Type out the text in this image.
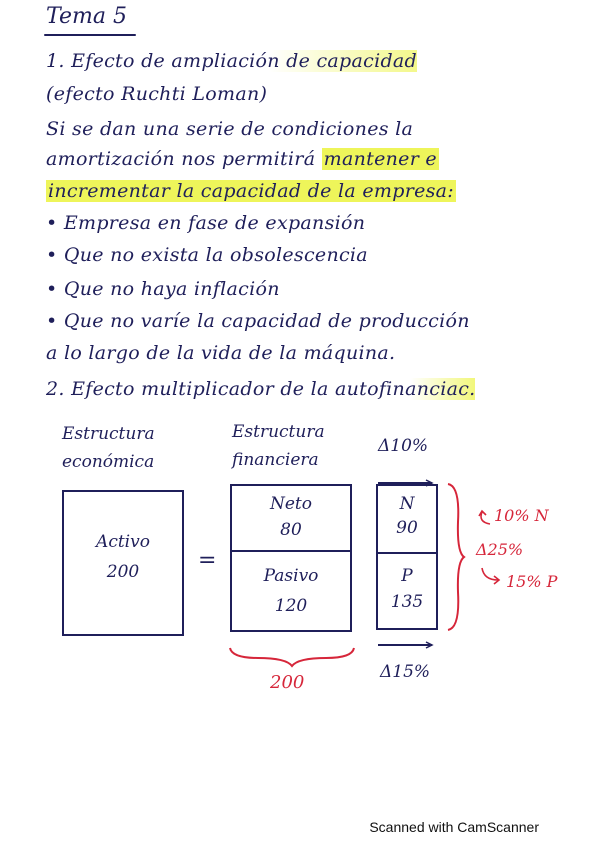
Tema 5
1. Efecto de ampliación de capacidad
(efecto Ruchti Loman)
Si se dan una serie de condiciones la
amortización nos permitirá mantener e
incrementar la capacidad de la empresa:
• Empresa en fase de expansión
• Que no exista la obsolescencia
• Que no haya inflación
• Que no varíe la capacidad de producción
a lo largo de la vida de la máquina.
2. Efecto multiplicador de la autofinanciac.
Estructura
económica
Estructura
financiera
Δ10%
Activo
200	=
Neto
80
Pasivo
120
N
90
P
135
10% N
Δ25%
15% P
200	Δ15%
Scanned with CamScanner
